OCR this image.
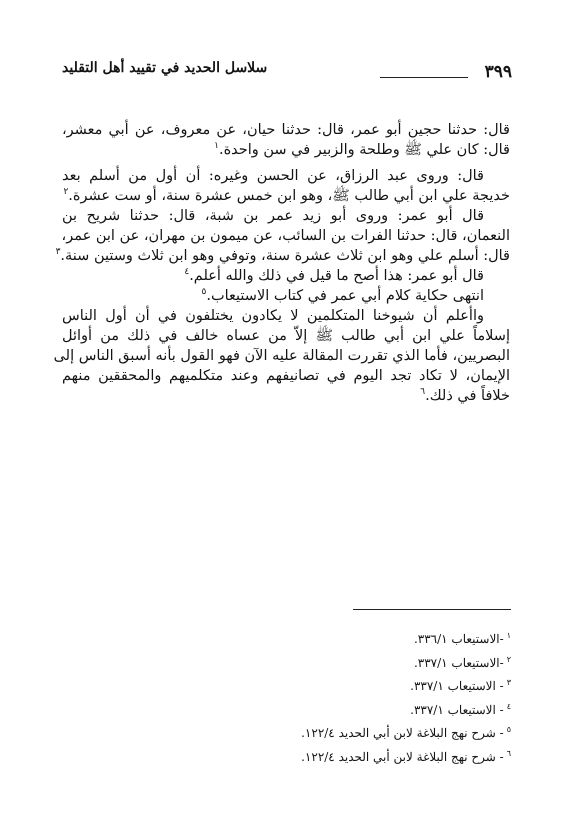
٣٩٩
سلاسل الحديد في تقييد أهل التقليد
قال: حدثنا حجين أبو عمر، قال: حدثنا حيان، عن معروف، عن أبي معشر،
قال: كان علي ﷺ وطلحة والزبير في سن واحدة.$^١$
قال: وروى عبد الرزاق، عن الحسن وغيره: أن أول من أسلم بعد
خديجة علي ابن أبي طالب ﷺ، وهو ابن خمس عشرة سنة، أو ست عشرة.$^٢$
قال أبو عمر: وروى أبو زيد عمر بن شبة، قال: حدثنا شريح بن
النعمان، قال: حدثنا الفرات بن السائب، عن ميمون بن مهران، عن ابن عمر،
قال: أسلم علي وهو ابن ثلاث عشرة سنة، وتوفي وهو ابن ثلاث وستين سنة.$^٣$
قال أبو عمر: هذا أصح ما قيل في ذلك والله أعلم.$^٤$
انتهى حكاية كلام أبي عمر في كتاب الاستيعاب.$^٥$
واأعلم أن شيوخنا المتكلمين لا يكادون يختلفون في أن أول الناس
إسلاماً علي ابن أبي طالب ﷺ إلاّ من عساه خالف في ذلك من أوائل
البصريين، فأما الذي تقررت المقالة عليه الآن فهو القول بأنه أسبق الناس إلى
الإيمان، لا تكاد تجد اليوم في تصانيفهم وعند متكلميهم والمحققين منهم
خلافاً في ذلك.$^٦$
$^١$-الاستيعاب ٣٣٦/١.
$^٢$-الاستيعاب ٣٣٧/١.
$^٣$- الاستيعاب ٣٣٧/١.
$^٤$- الاستيعاب ٣٣٧/١.
$^٥$- شرح نهج البلاغة لابن أبي الحديد ١٢٢/٤.
$^٦$- شرح نهج البلاغة لابن أبي الحديد ١٢٢/٤.
